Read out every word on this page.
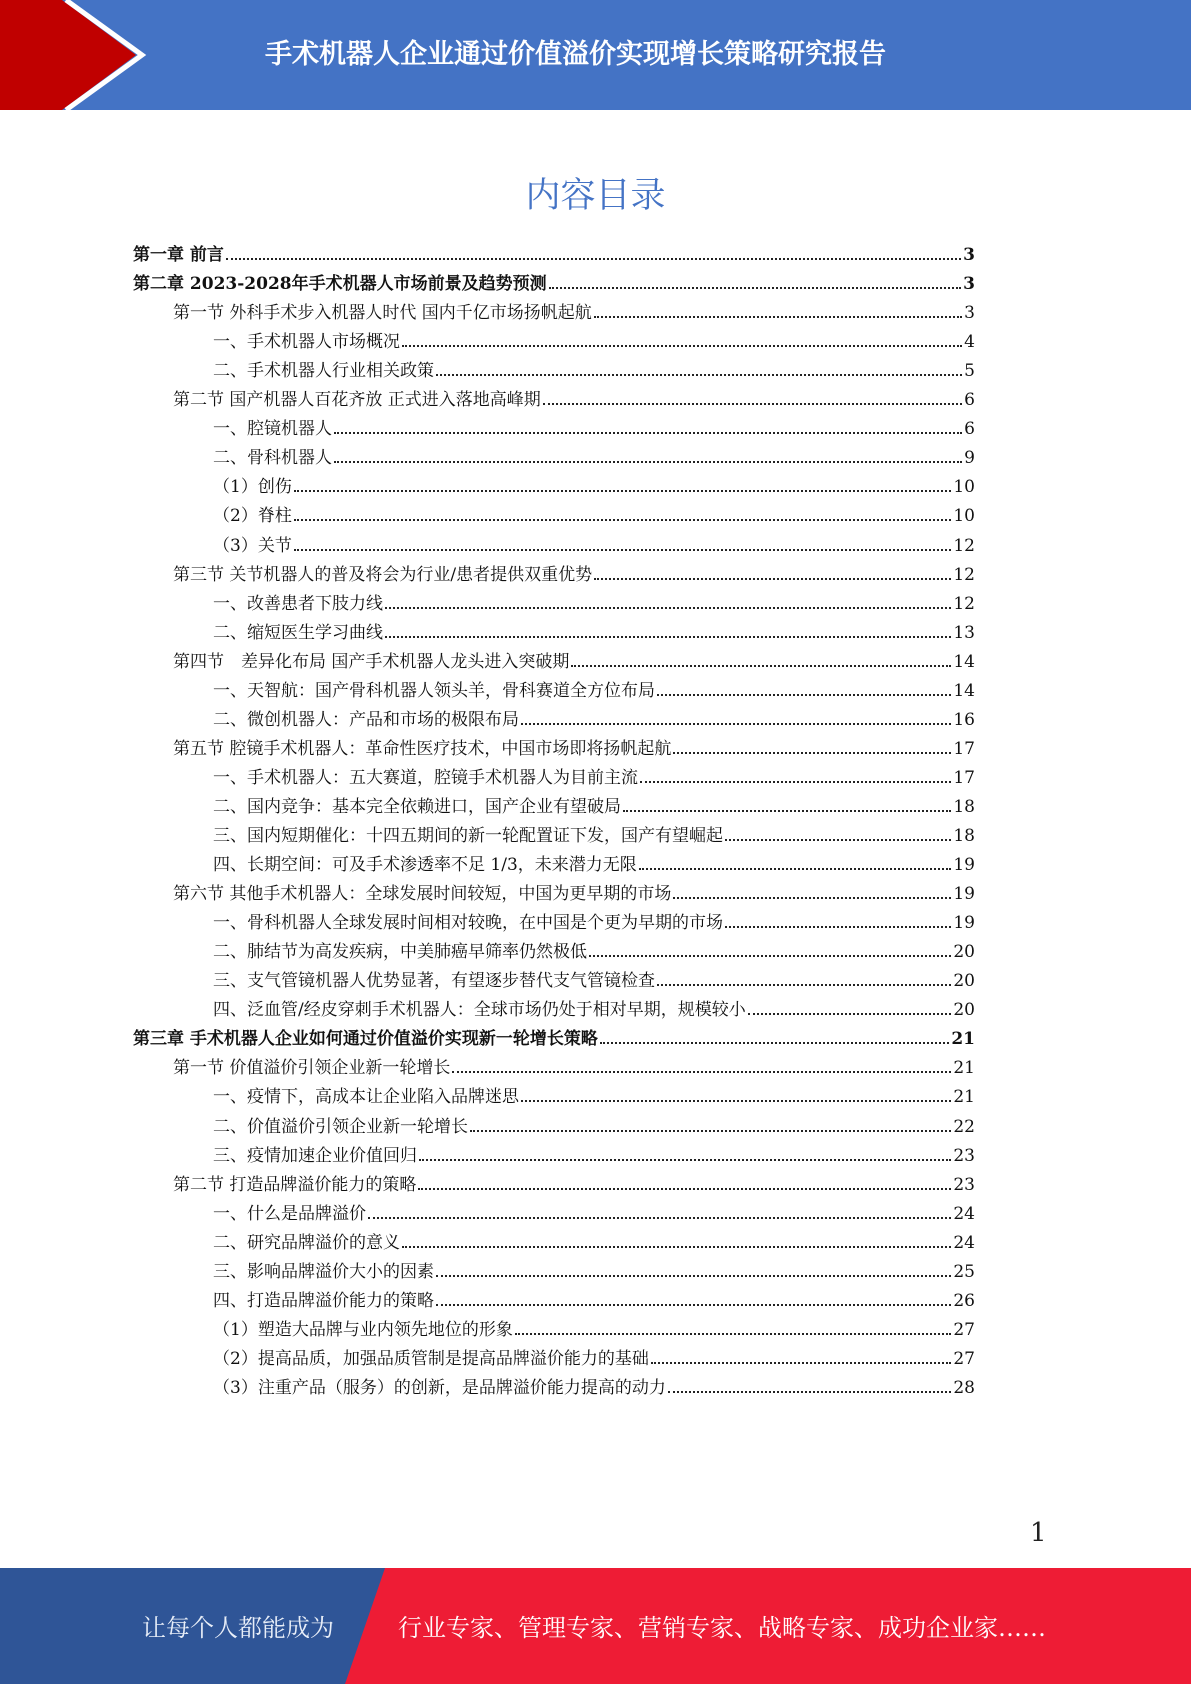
手术机器人企业通过价值溢价实现增长策略研究报告
内容目录
第一章 前言	3
第二章 2023-2028年手术机器人市场前景及趋势预测	3
第一节 外科手术步入机器人时代 国内千亿市场扬帆起航	3
一、手术机器人市场概况	4
二、手术机器人行业相关政策	5
第二节 国产机器人百花齐放 正式进入落地高峰期	6
一、腔镜机器人	6
二、骨科机器人	9
（1）创伤	10
（2）脊柱	10
（3）关节	12
第三节 关节机器人的普及将会为行业/患者提供双重优势	12
一、改善患者下肢力线	12
二、缩短医生学习曲线	13
第四节　差异化布局 国产手术机器人龙头进入突破期	14
一、天智航：国产骨科机器人领头羊，骨科赛道全方位布局	14
二、微创机器人：产品和市场的极限布局	16
第五节 腔镜手术机器人：革命性医疗技术，中国市场即将扬帆起航	17
一、手术机器人：五大赛道，腔镜手术机器人为目前主流	17
二、国内竞争：基本完全依赖进口，国产企业有望破局	18
三、国内短期催化：十四五期间的新一轮配置证下发，国产有望崛起	18
四、长期空间：可及手术渗透率不足 1/3，未来潜力无限	19
第六节 其他手术机器人：全球发展时间较短，中国为更早期的市场	19
一、骨科机器人全球发展时间相对较晚，在中国是个更为早期的市场	19
二、肺结节为高发疾病，中美肺癌早筛率仍然极低	20
三、支气管镜机器人优势显著，有望逐步替代支气管镜检查	20
四、泛血管/经皮穿刺手术机器人：全球市场仍处于相对早期，规模较小	20
第三章 手术机器人企业如何通过价值溢价实现新一轮增长策略	21
第一节 价值溢价引领企业新一轮增长	21
一、疫情下，高成本让企业陷入品牌迷思	21
二、价值溢价引领企业新一轮增长	22
三、疫情加速企业价值回归	23
第二节 打造品牌溢价能力的策略	23
一、什么是品牌溢价	24
二、研究品牌溢价的意义	24
三、影响品牌溢价大小的因素	25
四、打造品牌溢价能力的策略	26
（1）塑造大品牌与业内领先地位的形象	27
（2）提高品质，加强品质管制是提高品牌溢价能力的基础	27
（3）注重产品（服务）的创新，是品牌溢价能力提高的动力	28
1
让每个人都能成为	行业专家、管理专家、营销专家、战略专家、成功企业家……
